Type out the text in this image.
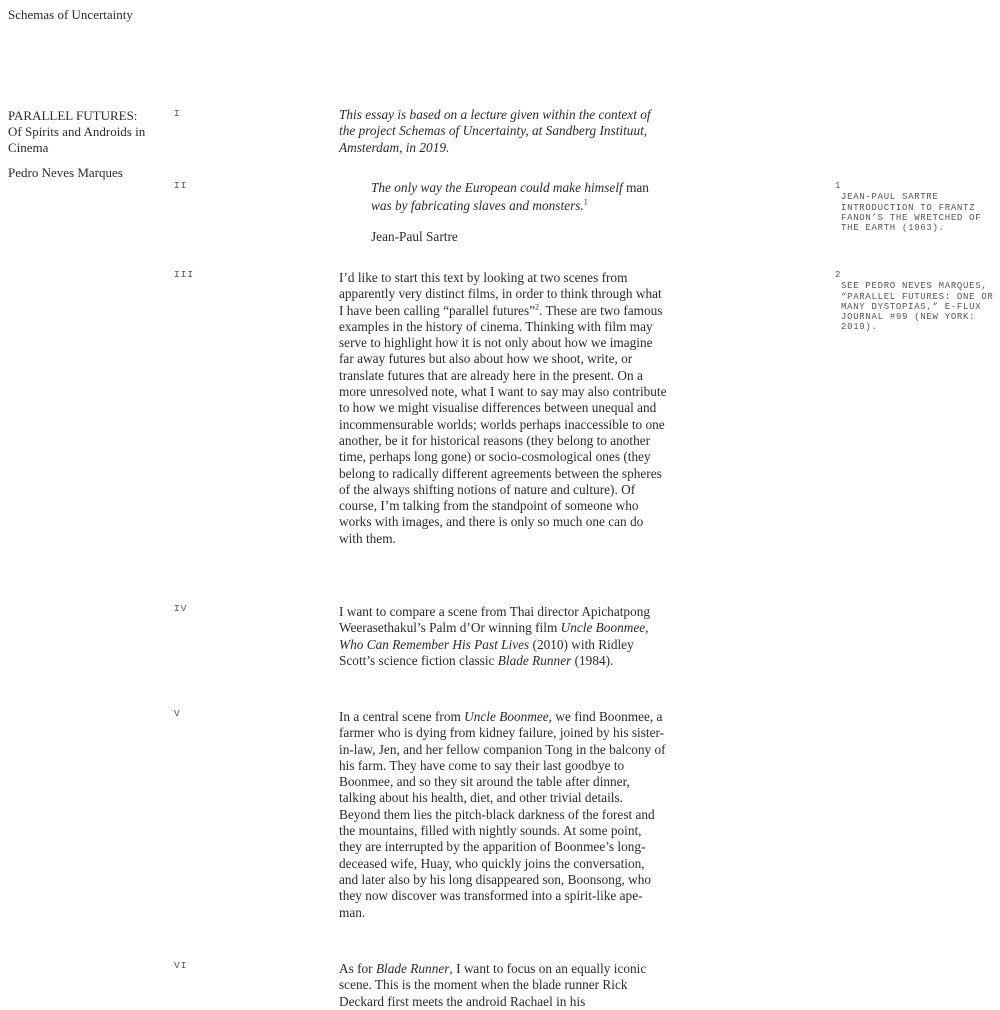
Schemas of Uncertainty
PARALLEL FUTURES:

Of Spirits and Androids in Cinema

Pedro Neves Marques

I
II
III
IV
V
VI

This essay is based on a lecture given within the context of the project Schemas of Uncertainty, at Sandberg Instituut, Amsterdam, in 2019.

The only way the European could make himself man was by fabricating slaves and monsters.$^1$

Jean-Paul Sartre

I’d like to start this text by looking at two scenes from apparently very distinct films, in order to think through what I have been calling “parallel futures”$^2$. These are two famous examples in the history of cinema. Thinking with film may serve to highlight how it is not only about how we imagine far away futures but also about how we shoot, write, or translate futures that are already here in the present. On a more unresolved note, what I want to say may also contribute to how we might visualise differences between unequal and incommensurable worlds; worlds perhaps inaccessible to one another, be it for historical reasons (they belong to another time, perhaps long gone) or socio-cosmological ones (they belong to radically different agreements between the spheres of the always shifting notions of nature and culture). Of course, I’m talking from the standpoint of someone who works with images, and there is only so much one can do with them.

I want to compare a scene from Thai director Apichatpong Weerasethakul’s Palm d’Or winning film Uncle Boonmee, Who Can Remember His Past Lives (2010) with Ridley Scott’s science fiction classic Blade Runner (1984).

In a central scene from Uncle Boonmee, we find Boonmee, a farmer who is dying from kidney failure, joined by his sister-in-law, Jen, and her fellow companion Tong in the balcony of his farm. They have come to say their last goodbye to Boonmee, and so they sit around the table after dinner, talking about his health, diet, and other trivial details. Beyond them lies the pitch-black darkness of the forest and the mountains, filled with nightly sounds. At some point, they are interrupted by the apparition of Boonmee’s long-deceased wife, Huay, who quickly joins the conversation, and later also by his long disappeared son, Boonsong, who they now discover was transformed into a spirit-like ape-man.

As for Blade Runner, I want to focus on an equally iconic scene. This is the moment when the blade runner Rick Deckard first meets the android Rachael in his

1
JEAN-PAUL SARTRE INTRODUCTION TO FRANTZ FANON’S THE WRETCHED OF THE EARTH (1963).
2
SEE PEDRO NEVES MARQUES, “PARALLEL FUTURES: ONE OR MANY DYSTOPIAS,” E-FLUX JOURNAL #99 (NEW YORK: 2019).
